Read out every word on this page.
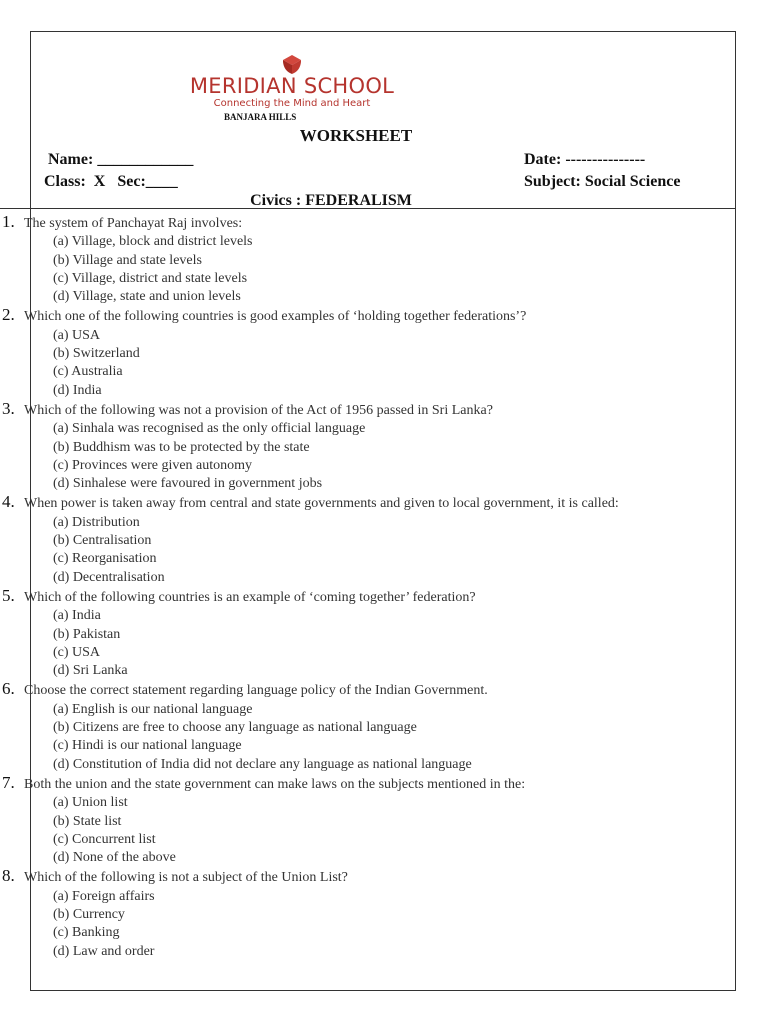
MERIDIAN SCHOOL
Connecting the Mind and Heart
BANJARA HILLS
WORKSHEET
Name: ____________	Date: ---------------
Class:  X   Sec:____	Subject: Social Science
Civics : FEDERALISM
1. The system of Panchayat Raj involves:
(a) Village, block and district levels
(b) Village and state levels
(c) Village, district and state levels
(d) Village, state and union levels
2. Which one of the following countries is good examples of ‘holding together federations’?
(a) USA
(b) Switzerland
(c) Australia
(d) India
3. Which of the following was not a provision of the Act of 1956 passed in Sri Lanka?
(a) Sinhala was recognised as the only official language
(b) Buddhism was to be protected by the state
(c) Provinces were given autonomy
(d) Sinhalese were favoured in government jobs
4. When power is taken away from central and state governments and given to local government, it is called:
(a) Distribution
(b) Centralisation
(c) Reorganisation
(d) Decentralisation
5. Which of the following countries is an example of ‘coming together’ federation?
(a) India
(b) Pakistan
(c) USA
(d) Sri Lanka
6. Choose the correct statement regarding language policy of the Indian Government.
(a) English is our national language
(b) Citizens are free to choose any language as national language
(c) Hindi is our national language
(d) Constitution of India did not declare any language as national language
7. Both the union and the state government can make laws on the subjects mentioned in the:
(a) Union list
(b) State list
(c) Concurrent list
(d) None of the above
8. Which of the following is not a subject of the Union List?
(a) Foreign affairs
(b) Currency
(c) Banking
(d) Law and order
